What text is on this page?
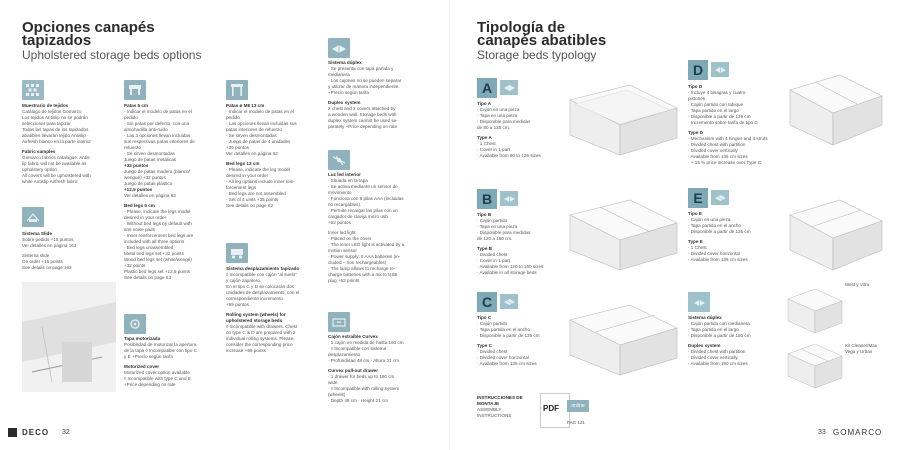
Opciones canapés
tapizados
Upholstered storage beds options

Muestrario de tejidos

Catálogo de tejidos Gomarco
Los tejidos Antislip no se podrán
seleccionar para tapizar
Todas las tapas de los tapizados
abatibles llevarán tejido Antislip
Airfresh blanco en la parte interior

Fabric samples

Gomarco fabrics catalogue. Antis-
lip fabric will not be available as
upholstery option
All covers will be upholstered with
white Antislip Airfresh fabric

Sistema Slide

Sobre pedido +15 puntos

Ver detalles en página 163

Sistema slide

On order +15 points

See details on page 163

Patas 5 cm

· Indicar el modelo de patas en el
pedido
· Sin patas por defecto, con una
almohadilla anti-ruido
· Las 3 opciones llevan incluidas
sus respectivas patas interiores de
refuerzo
· Se sirven desmontadas

Juego de patas metálicas

+32 puntos

Juego de patas madera (blanco/
wengué) +32 puntos

Juego de patas plástico

+12,5 puntos

Ver detalles en página 63

Bed legs 5 cm

· Please, indicate the legs model
desired in your order
· Without bed legs by default with
anti noise pads
· Inner reinforcement bed legs are
included with all three options
· Bed legs unassembled
Metal bed legs set +32 points
Wood bed legs set (white/wengé)
+32 points
Plastic bed legs set +12,5 points
See details on page 63

Tapa motorizada

Posibilidad de motorizar la apertura
de la tapa ◊ Incompatible con tipo C
y E +Precio según tarifa

Motorized cover

Motorized cover option available
◊ Incompatible with type C and E
+Price depending on rate

Patas ø M8 13 cm

· Indicar el modelo de patas en el
pedido
· Las opciones llevan incluidas sus
patas interiores de refuerzo
· Se sirven desmontadas
· Juego de patas de 4 unidades
+35 puntos
Ver detalles en página 62

Bed legs 13 cm

· Please, indicate the leg model
desired in your order
· All leg options include inner rein-
forcement legs
· Bed legs are not assembled
· Set of 4 units +35 points
See details on page 62

Sistema desplazamiento tapizado

◊ Incompatible con cajón “al suelo”
y cajón zapatero.
En el tipo C y D se colocarán dos
unidades de desplazamiento, con el
correspondiente incremento.
+99 puntos

Rolling system (wheels) for
upholstered storage beds

◊ Incompatible with drawers. Chest
on type C & D are prepared with 2
individual rolling systems. Please,
consider the corresponding price
increase +99 points

Sistema dúplex

· Se presenta con tapa partida y
medianera
· Los cajones no se pueden separar
y utilizar de manera independiente.
+Precio según tarifa

Duplex system

2 chest and 2 covers attached by
a wooden wall. Storage beds with
duplex system cannot be used se-
parately +Price depending on rate

Luz led interior

· Situada en la tapa
· Se activa mediante un sensor de
movimiento
· Funciona con 6 pilas AAA (incluidas
no recargables).
· Permite recargar las pilas con un
cargador de clavija micro usb
+62 puntos

Inner led light

· Placed on the cover
· The inner LED light is activated by a
motion sensor
· Power supply: 6 AAA batteries (in-
cluded – non rechargeables)
· The lamp allows to recharge re-
charge batteries with a micro USB
plug +62 points

Cajón extraíble Curvex

· 1 cajón en medida de hasta 160 cm
· ◊ Incompatible con sistema
desplazamiento
· Profundidad 48 cm · Altura 21 cm

Curvex pull-out drawer

· 1 drawer for beds up to 160 cm
wide
· ◊ Incompatible with rolling system
(wheels)
· Depth 48 cm · Height 21 cm

DECO 32
Tipología de
canapés abatibles
Storage beds typology
A

Tipo A

· Cajón en una pieza
· Tapa en una pieza
· Disponible para medidas
de 80 a 135 cm.

Type A

· 1 Chest
· Cover in 1 part
· Available from 80 to 135 sizes

B

Tipo B

· Cajón partido
· Tapa en una pieza
· Disponible para medidas
de 120 a 160 cm.

Type B

· Divided chest
· Cover in 1 part
· Available from 120 to 160 sizes
· Available in all storage beds

C

Tipo C

· Cajón partido
· Tapa partida en el ancho
· Disponible a partir de 135 cm

Type C

· Divided chest
· Divided cover horizontal
· Available from 135 cm sizes

INSTRUCCIONES DE
MONTAJE

ASSEMBLY
INSTRUCTIONS

PDF	online
PAG 131
D

Tipo D

· Incluye 4 bisagras y cuatro
pistones
· Cajón partido con tabique
· Tapa partida en el largo
· Disponible a partir de 135 cm
· Incremento sobre tarifa de tipo C

Type D

· Mechanism with 4 hinges and 4 struts
· Divided chest with partition
· Divided cover vertically
· Available from 135 cm sizes
· + 15 % price increase over Type C

E

Tipo E

· Cajón en una pieza
· Tapa partida en el ancho
· Disponible a partir de 135 cm

Type E

· 1 Chest
· Divided cover horizontal
· Available from 135 cm sizes

Sistema dúplex

· Cajón partido con medianera
· Tapa partida en el largo
· Disponible a partir de 180 cm

Duplex system

· Divided chest with partition
· Divided cover vertically
· Available from 180 cm sizes

West y Vitra
Kit Cleaner/Max
Vega y Urban
33 GOMARCO
